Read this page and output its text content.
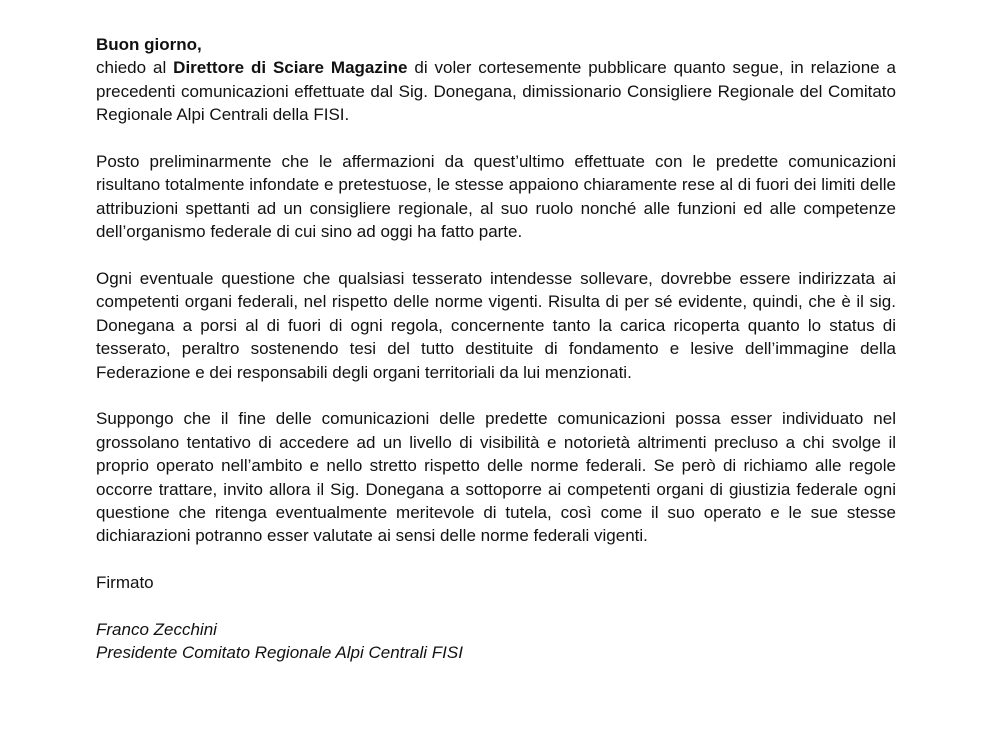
Buon giorno,

chiedo al Direttore di Sciare Magazine di voler cortesemente pubblicare quanto segue, in relazione a precedenti comunicazioni effettuate dal Sig. Donegana, dimissionario Consigliere Regionale del Comitato Regionale Alpi Centrali della FISI.

Posto preliminarmente che le affermazioni da quest’ultimo effettuate con le predette comunicazioni risultano totalmente infondate e pretestuose, le stesse appaiono chiaramente rese al di fuori dei limiti delle attribuzioni spettanti ad un consigliere regionale, al suo ruolo nonché alle funzioni ed alle competenze dell’organismo federale di cui sino ad oggi ha fatto parte.

Ogni eventuale questione che qualsiasi tesserato intendesse sollevare, dovrebbe essere indirizzata ai competenti organi federali, nel rispetto delle norme vigenti. Risulta di per sé evidente, quindi, che è il sig. Donegana a porsi al di fuori di ogni regola, concernente tanto la carica ricoperta quanto lo status di tesserato, peraltro sostenendo tesi del tutto destituite di fondamento e lesive dell’immagine della Federazione e dei responsabili degli organi territoriali da lui menzionati.

Suppongo che il fine delle comunicazioni delle predette comunicazioni possa esser individuato nel grossolano tentativo di accedere ad un livello di visibilità e notorietà altrimenti precluso a chi svolge il proprio operato nell’ambito e nello stretto rispetto delle norme federali. Se però di richiamo alle regole occorre trattare, invito allora il Sig. Donegana a sottoporre ai competenti organi di giustizia federale ogni questione che ritenga eventualmente meritevole di tutela, così come il suo operato e le sue stesse dichiarazioni potranno esser valutate ai sensi delle norme federali vigenti.

Firmato
Franco Zecchini
Presidente Comitato Regionale Alpi Centrali FISI
